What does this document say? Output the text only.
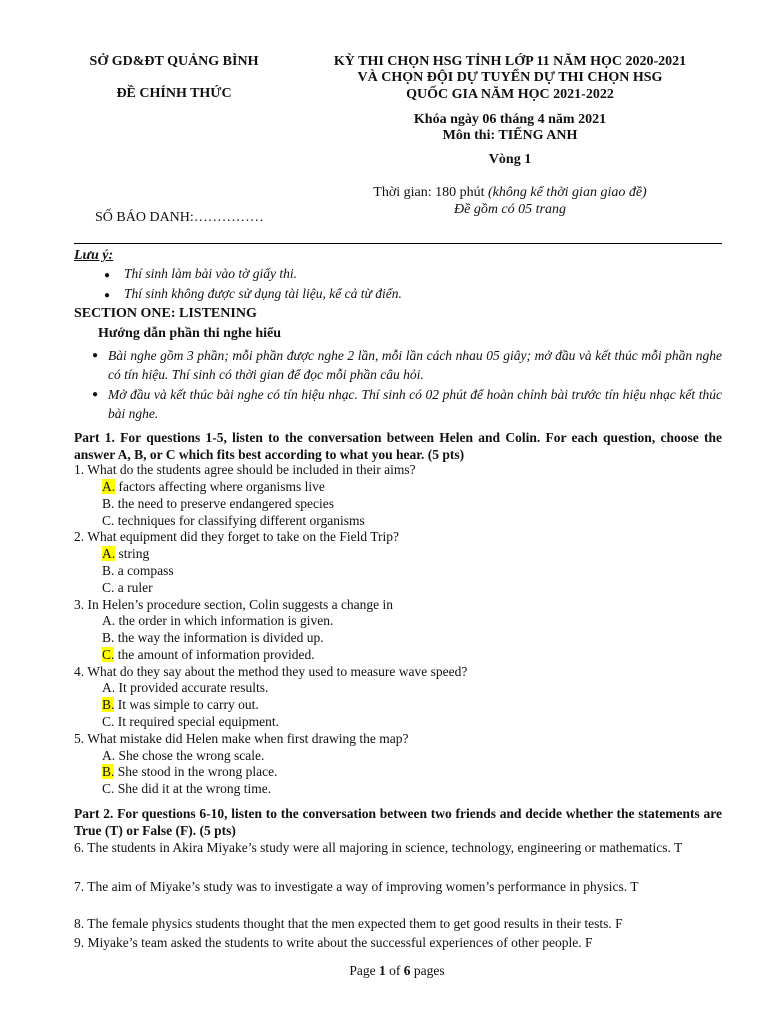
SỞ GD&ĐT QUẢNG BÌNH
ĐỀ CHÍNH THỨC
SỐ BÁO DANH:……………
KỲ THI CHỌN HSG TỈNH LỚP 11 NĂM HỌC 2020-2021
VÀ CHỌN ĐỘI DỰ TUYỂN DỰ THI CHỌN HSG
QUỐC GIA NĂM HỌC 2021-2022
Khóa ngày 06 tháng 4 năm 2021
Môn thi: TIẾNG ANH
Vòng 1
Thời gian: 180 phút (không kể thời gian giao đề)
Đề gồm có 05 trang
Lưu ý:
● Thí sinh làm bài vào tờ giấy thi.
● Thí sinh không được sử dụng tài liệu, kể cả từ điển.
SECTION ONE: LISTENING
Hướng dẫn phần thi nghe hiểu
● Bài nghe gồm 3 phần; mỗi phần được nghe 2 lần, mỗi lần cách nhau 05 giây; mở đầu và kết thúc mỗi phần nghe có tín hiệu. Thí sinh có thời gian để đọc mỗi phần câu hỏi.
● Mở đầu và kết thúc bài nghe có tín hiệu nhạc. Thí sinh có 02 phút để hoàn chỉnh bài trước tín hiệu nhạc kết thúc bài nghe.
Part 1. For questions 1-5, listen to the conversation between Helen and Colin. For each question, choose the answer A, B, or C which fits best according to what you hear. (5 pts)
1. What do the students agree should be included in their aims?
A. factors affecting where organisms live
B. the need to preserve endangered species
C. techniques for classifying different organisms
2. What equipment did they forget to take on the Field Trip?
A. string
B. a compass
C. a ruler
3. In Helen’s procedure section, Colin suggests a change in
A. the order in which information is given.
B. the way the information is divided up.
C. the amount of information provided.
4. What do they say about the method they used to measure wave speed?
A. It provided accurate results.
B. It was simple to carry out.
C. It required special equipment.
5. What mistake did Helen make when first drawing the map?
A. She chose the wrong scale.
B. She stood in the wrong place.
C. She did it at the wrong time.
Part 2. For questions 6-10, listen to the conversation between two friends and decide whether the statements are True (T) or False (F). (5 pts)
6. The students in Akira Miyake’s study were all majoring in science, technology, engineering or mathematics. T
7. The aim of Miyake’s study was to investigate a way of improving women’s performance in physics. T
8. The female physics students thought that the men expected them to get good results in their tests. F
9. Miyake’s team asked the students to write about the successful experiences of other people. F
Page 1 of 6 pages
